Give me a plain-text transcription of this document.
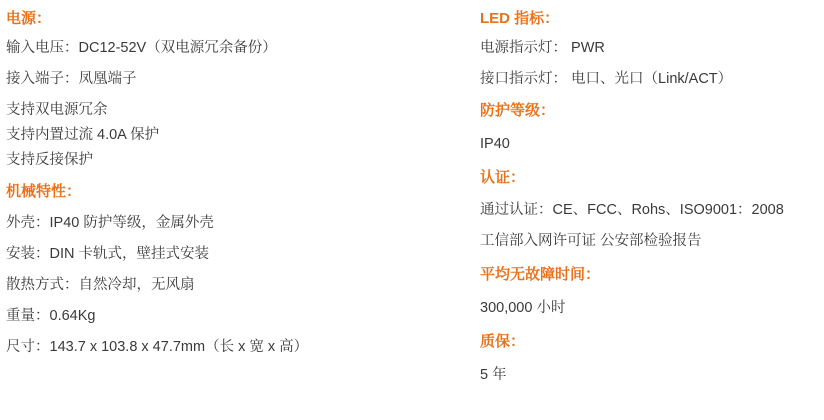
电源：

输入电压：DC12-52V（双电源冗余备份）

接入端子：凤凰端子

支持双电源冗余

支持内置过流 4.0A 保护

支持反接保护

机械特性：

外壳：IP40 防护等级，金属外壳

安装：DIN 卡轨式，壁挂式安装

散热方式：自然冷却，无风扇

重量：0.64Kg

尺寸：143.7 x 103.8 x 47.7mm（长 x 宽 x 高）

LED 指标：

电源指示灯： PWR

接口指示灯： 电口、光口（Link/ACT）

防护等级：

IP40

认证：

通过认证：CE、FCC、Rohs、ISO9001：2008

工信部入网许可证 公安部检验报告

平均无故障时间：

300,000 小时

质保：

5 年
